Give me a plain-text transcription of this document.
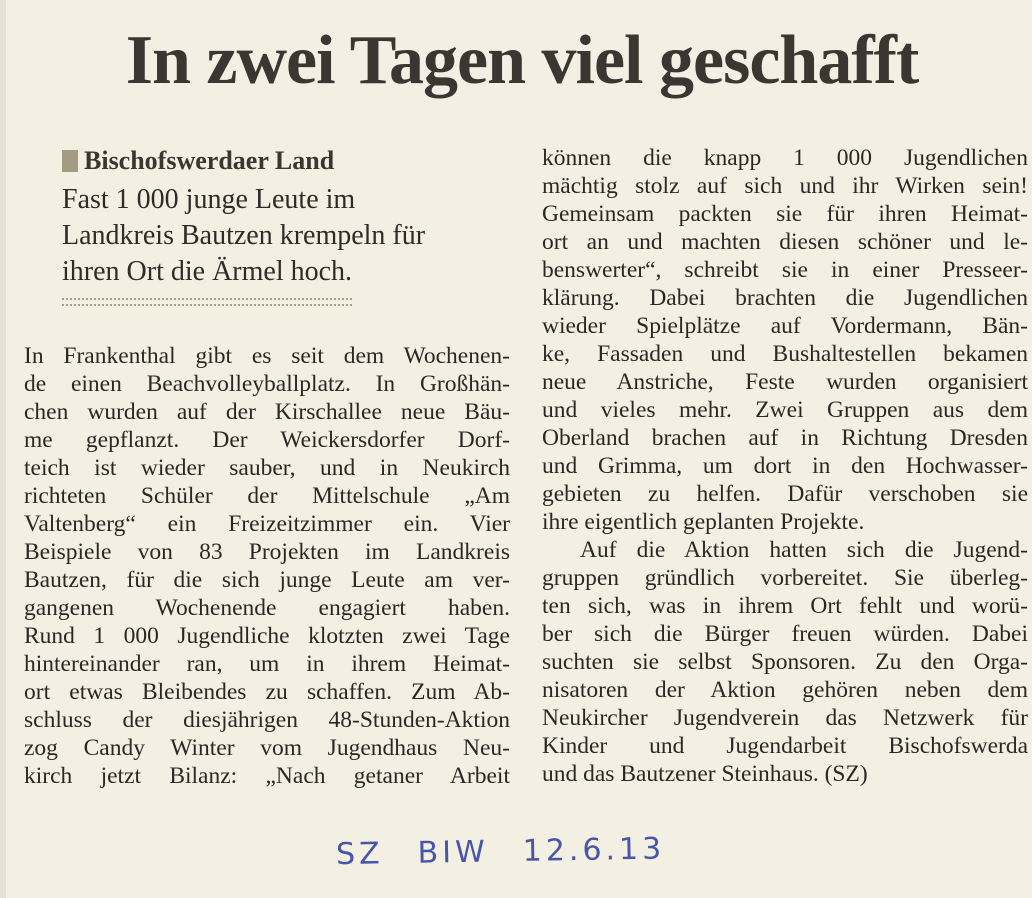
In zwei Tagen viel geschafft
Bischofswerdaer Land
Fast 1 000 junge Leute im
Landkreis Bautzen krempeln für
ihren Ort die Ärmel hoch.
In Frankenthal gibt es seit dem Wochenen-
de einen Beachvolleyballplatz. In Großhän-
chen wurden auf der Kirschallee neue Bäu-
me gepflanzt. Der Weickersdorfer Dorf-
teich ist wieder sauber, und in Neukirch
richteten Schüler der Mittelschule „Am
Valtenberg“ ein Freizeitzimmer ein. Vier
Beispiele von 83 Projekten im Landkreis
Bautzen, für die sich junge Leute am ver-
gangenen Wochenende engagiert haben.
Rund 1 000 Jugendliche klotzten zwei Tage
hintereinander ran, um in ihrem Heimat-
ort etwas Bleibendes zu schaffen. Zum Ab-
schluss der diesjährigen 48-Stunden-Aktion
zog Candy Winter vom Jugendhaus Neu-
kirch jetzt Bilanz: „Nach getaner Arbeit
können die knapp 1 000 Jugendlichen
mächtig stolz auf sich und ihr Wirken sein!
Gemeinsam packten sie für ihren Heimat-
ort an und machten diesen schöner und le-
benswerter“, schreibt sie in einer Presseer-
klärung. Dabei brachten die Jugendlichen
wieder Spielplätze auf Vordermann, Bän-
ke, Fassaden und Bushaltestellen bekamen
neue Anstriche, Feste wurden organisiert
und vieles mehr. Zwei Gruppen aus dem
Oberland brachen auf in Richtung Dresden
und Grimma, um dort in den Hochwasser-
gebieten zu helfen. Dafür verschoben sie
ihre eigentlich geplanten Projekte.
Auf die Aktion hatten sich die Jugend-
gruppen gründlich vorbereitet. Sie überleg-
ten sich, was in ihrem Ort fehlt und worü-
ber sich die Bürger freuen würden. Dabei
suchten sie selbst Sponsoren. Zu den Orga-
nisatoren der Aktion gehören neben dem
Neukircher Jugendverein das Netzwerk für
Kinder und Jugendarbeit Bischofswerda
und das Bautzener Steinhaus. (SZ)
SZ BIW 12.6.13
